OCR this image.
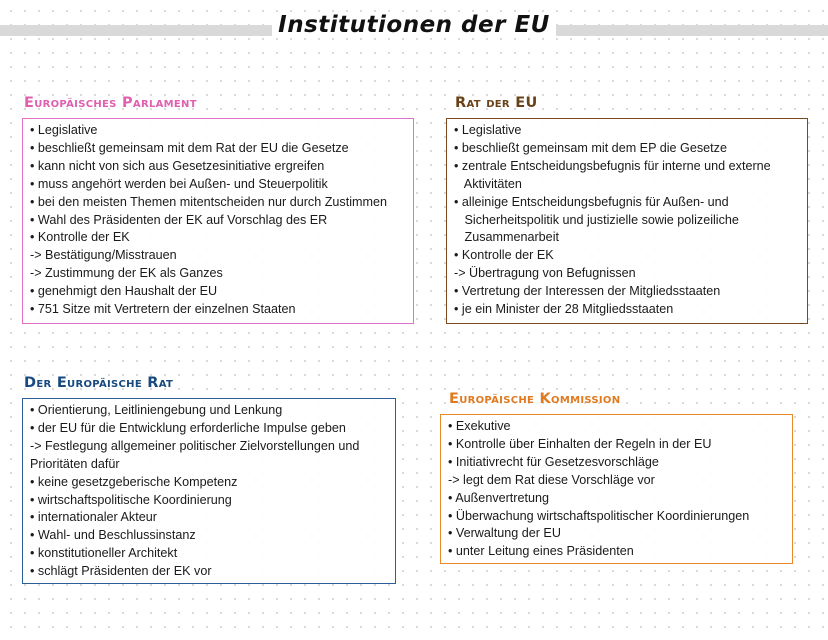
Institutionen der EU
Europäisches Parlament
• Legislative
• beschließt gemeinsam mit dem Rat der EU die Gesetze
• kann nicht von sich aus Gesetzesinitiative ergreifen
• muss angehört werden bei Außen- und Steuerpolitik
• bei den meisten Themen mitentscheiden nur durch Zustimmen
• Wahl des Präsidenten der EK auf Vorschlag des ER
• Kontrolle der EK
-> Bestätigung/Misstrauen
-> Zustimmung der EK als Ganzes
• genehmigt den Haushalt der EU
• 751 Sitze mit Vertretern der einzelnen Staaten
Rat der EU
• Legislative
• beschließt gemeinsam mit dem EP die Gesetze
• zentrale Entscheidungsbefugnis für interne und externe
Aktivitäten
• alleinige Entscheidungsbefugnis für Außen- und
Sicherheitspolitik und justizielle sowie polizeiliche
Zusammenarbeit
• Kontrolle der EK
-> Übertragung von Befugnissen
• Vertretung der Interessen der Mitgliedsstaaten
• je ein Minister der 28 Mitgliedsstaaten
Der Europäische Rat
• Orientierung, Leitliniengebung und Lenkung
• der EU für die Entwicklung erforderliche Impulse geben
-> Festlegung allgemeiner politischer Zielvorstellungen und
Prioritäten dafür
• keine gesetzgeberische Kompetenz
• wirtschaftspolitische Koordinierung
• internationaler Akteur
• Wahl- und Beschlussinstanz
• konstitutioneller Architekt
• schlägt Präsidenten der EK vor
Europäische Kommission
• Exekutive
• Kontrolle über Einhalten der Regeln in der EU
• Initiativrecht für Gesetzesvorschläge
-> legt dem Rat diese Vorschläge vor
• Außenvertretung
• Überwachung wirtschaftspolitischer Koordinierungen
• Verwaltung der EU
• unter Leitung eines Präsidenten
